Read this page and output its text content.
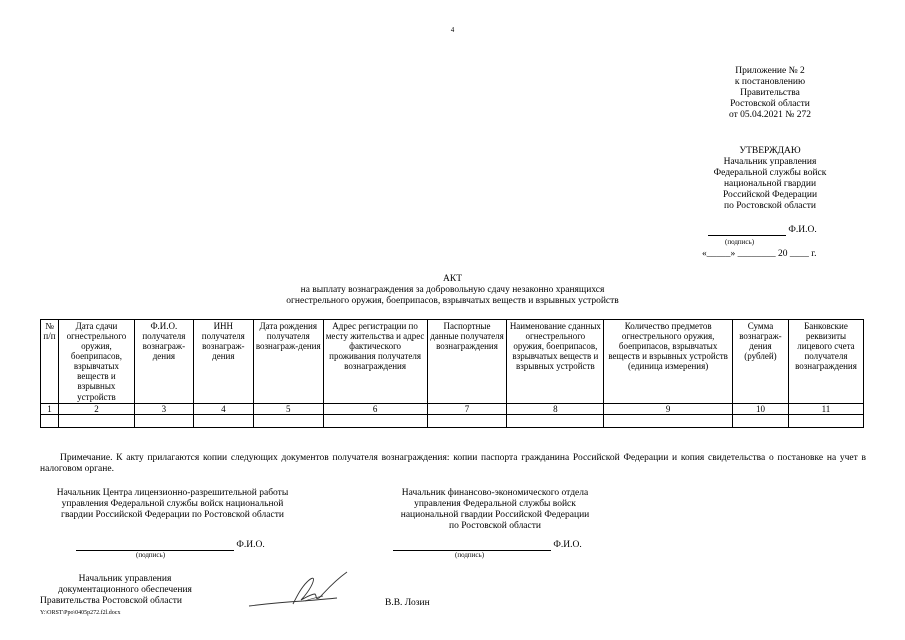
4
Приложение № 2
к постановлению
Правительства
Ростовской области
от 05.04.2021 № 272
УТВЕРЖДАЮ
Начальник управления
Федеральной службы войск
национальной гвардии
Российской Федерации
по Ростовской области
Ф.И.О.
(подпись)
«_____» ________ 20 ____ г.
АКТ
на выплату вознаграждения за добровольную сдачу незаконно хранящихся
огнестрельного оружия, боеприпасов, взрывчатых веществ и взрывных устройств
№ п/п	Дата сдачи огнестрельного оружия, боеприпасов, взрывчатых веществ и взрывных устройств	Ф.И.О. получателя вознаграж-дения	ИНН получателя вознаграж-дения	Дата рождения получателя вознаграж-дения	Адрес регистрации по месту жительства и адрес фактического проживания получателя вознаграждения	Паспортные данные получателя вознаграждения	Наименование сданных огнестрельного оружия, боеприпасов, взрывчатых веществ и взрывных устройств	Количество предметов огнестрельного оружия, боеприпасов, взрывчатых веществ и взрывных устройств (единица измерения)	Сумма вознаграж-дения (рублей)	Банковские реквизиты лицевого счета получателя вознаграждения
1	2	3	4	5	6	7	8	9	10	11

Примечание. К акту прилагаются копии следующих документов получателя вознаграждения: копии паспорта гражданина Российской Федерации и копия свидетельства о постановке на учет в налоговом органе.
Начальник Центра лицензионно-разрешительной работы
управления Федеральной службы войск национальной
гвардии Российской Федерации по Ростовской области
Ф.И.О.
(подпись)
Начальник финансово-экономического отдела
управления Федеральной службы войск
национальной гвардии Российской Федерации
по Ростовской области
Ф.И.О.
(подпись)
Начальник управления
документационного обеспечения
Правительства Ростовской области	В.В. Лозин
Y:\ORST\Ppo\0405p272.f2l.docx
